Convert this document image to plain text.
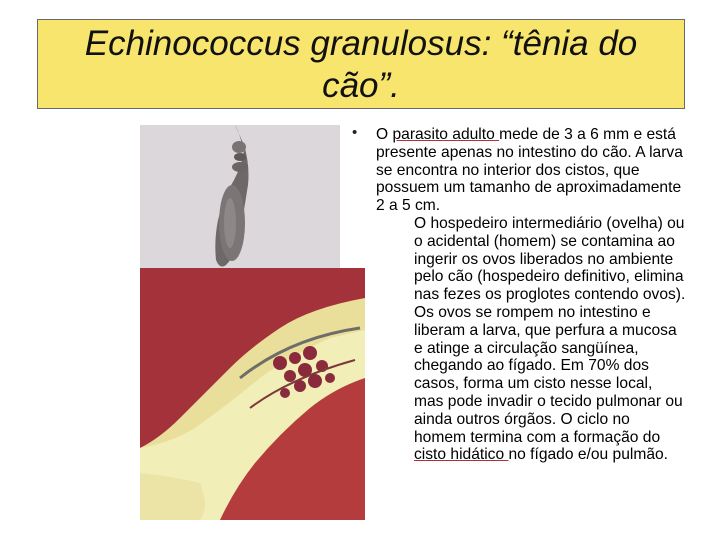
Echinococcus granulosus: “tênia do
cão”.
• O parasito adulto mede de 3 a 6 mm e está presente apenas no intestino do cão. A larva se encontra no interior dos cistos, que possuem um tamanho de aproximadamente 2 a 5 cm.
O hospedeiro intermediário (ovelha) ou o acidental (homem) se contamina ao ingerir os ovos liberados no ambiente pelo cão (hospedeiro definitivo, elimina nas fezes os proglotes contendo ovos). Os ovos se rompem no intestino e liberam a larva, que perfura a mucosa e atinge a circulação sangüínea, chegando ao fígado. Em 70% dos casos, forma um cisto nesse local, mas pode invadir o tecido pulmonar ou ainda outros órgãos. O ciclo no homem termina com a formação do cisto hidático no fígado e/ou pulmão.
